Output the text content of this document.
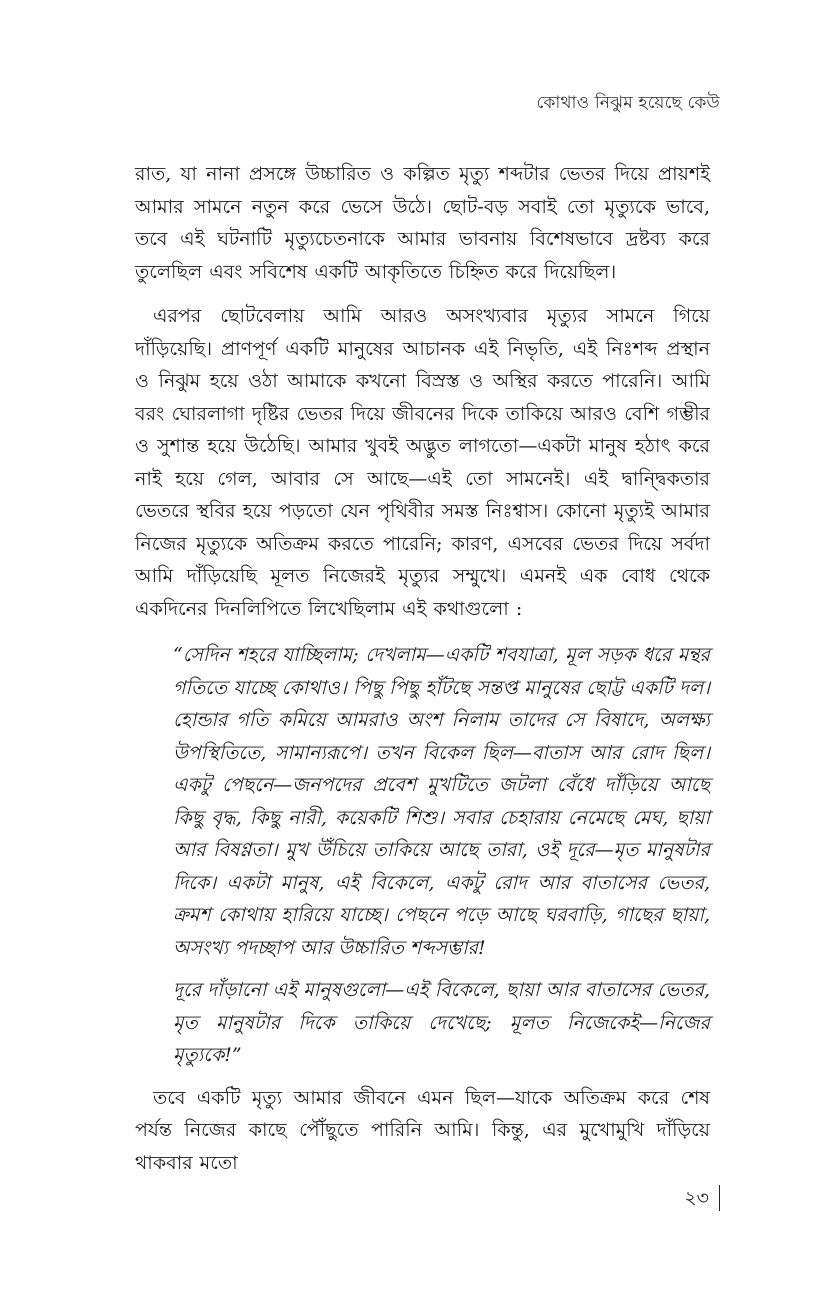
কোথাও নিঝুম হয়েছে কেউ

রাত, যা নানা প্রসঙ্গে উচ্চারিত ও কল্পিত মৃত্যু শব্দটার ভেতর দিয়ে প্রায়শই আমার সামনে নতুন করে ভেসে উঠে। ছোট-বড় সবাই তো মৃত্যুকে ভাবে, তবে এই ঘটনাটি মৃত্যুচেতনাকে আমার ভাবনায় বিশেষভাবে দ্রষ্টব্য করে তুলেছিল এবং সবিশেষ একটি আকৃতিতে চিহ্নিত করে দিয়েছিল।

এরপর ছোটবেলায় আমি আরও অসংখ্যবার মৃত্যুর সামনে গিয়ে দাঁড়িয়েছি। প্রাণপূর্ণ একটি মানুষের আচানক এই নিভৃতি, এই নিঃশব্দ প্রস্থান ও নিঝুম হয়ে ওঠা আমাকে কখনো বিস্রস্ত ও অস্থির করতে পারেনি। আমি বরং ঘোরলাগা দৃষ্টির ভেতর দিয়ে জীবনের দিকে তাকিয়ে আরও বেশি গম্ভীর ও সুশান্ত হয়ে উঠেছি। আমার খুবই অদ্ভুত লাগতো—একটা মানুষ হঠাৎ করে নাই হয়ে গেল, আবার সে আছে—এই তো সামনেই। এই দ্বান্দ্বিকতার ভেতরে স্থবির হয়ে পড়তো যেন পৃথিবীর সমস্ত নিঃশ্বাস। কোনো মৃত্যুই আমার নিজের মৃত্যুকে অতিক্রম করতে পারেনি; কারণ, এসবের ভেতর দিয়ে সর্বদা আমি দাঁড়িয়েছি মূলত নিজেরই মৃত্যুর সম্মুখে। এমনই এক বোধ থেকে একদিনের দিনলিপিতে লিখেছিলাম এই কথাগুলো :

“সেদিন শহরে যাচ্ছিলাম; দেখলাম—একটি শবযাত্রা, মূল সড়ক ধরে মন্থর গতিতে যাচ্ছে কোথাও। পিছু পিছু হাঁটছে সন্তপ্ত মানুষের ছোট্ট একটি দল। হোন্ডার গতি কমিয়ে আমরাও অংশ নিলাম তাদের সে বিষাদে, অলক্ষ্য উপস্থিতিতে, সামান্যরূপে। তখন বিকেল ছিল—বাতাস আর রোদ ছিল। একটু পেছনে—জনপদের প্রবেশ মুখটিতে জটলা বেঁধে দাঁড়িয়ে আছে কিছু বৃদ্ধ, কিছু নারী, কয়েকটি শিশু। সবার চেহারায় নেমেছে মেঘ, ছায়া আর বিষণ্ণতা। মুখ উঁচিয়ে তাকিয়ে আছে তারা, ওই দূরে—মৃত মানুষটার দিকে। একটা মানুষ, এই বিকেলে, একটু রোদ আর বাতাসের ভেতর, ক্রমশ কোথায় হারিয়ে যাচ্ছে। পেছনে পড়ে আছে ঘরবাড়ি, গাছের ছায়া, অসংখ্য পদচ্ছাপ আর উচ্চারিত শব্দসম্ভার!

দূরে দাঁড়ানো এই মানুষগুলো—এই বিকেলে, ছায়া আর বাতাসের ভেতর, মৃত মানুষটার দিকে তাকিয়ে দেখেছে; মূলত নিজেকেই—নিজের মৃত্যুকে!”

তবে একটি মৃত্যু আমার জীবনে এমন ছিল—যাকে অতিক্রম করে শেষ পর্যন্ত নিজের কাছে পৌঁছুতে পারিনি আমি। কিন্তু, এর মুখোমুখি দাঁড়িয়ে থাকবার মতো

২৩
